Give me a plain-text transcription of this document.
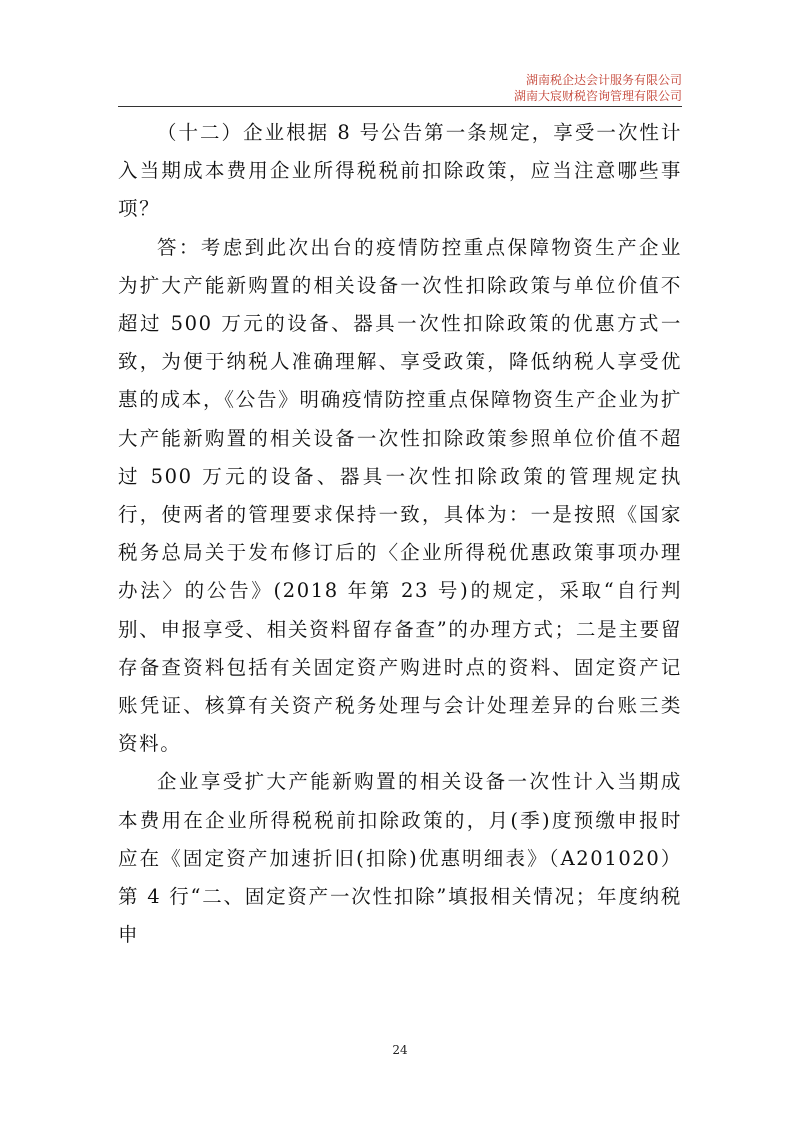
湖南税企达会计服务有限公司
湖南大宸财税咨询管理有限公司

（十二）企业根据 8 号公告第一条规定，享受一次性计入当期成本费用企业所得税税前扣除政策，应当注意哪些事项？

答：考虑到此次出台的疫情防控重点保障物资生产企业为扩大产能新购置的相关设备一次性扣除政策与单位价值不超过 500 万元的设备、器具一次性扣除政策的优惠方式一致，为便于纳税人准确理解、享受政策，降低纳税人享受优惠的成本，《公告》明确疫情防控重点保障物资生产企业为扩大产能新购置的相关设备一次性扣除政策参照单位价值不超过 500 万元的设备、器具一次性扣除政策的管理规定执行，使两者的管理要求保持一致，具体为：一是按照《国家税务总局关于发布修订后的〈企业所得税优惠政策事项办理办法〉的公告》(2018 年第 23 号)的规定，采取“自行判别、申报享受、相关资料留存备查”的办理方式；二是主要留存备查资料包括有关固定资产购进时点的资料、固定资产记账凭证、核算有关资产税务处理与会计处理差异的台账三类资料。

企业享受扩大产能新购置的相关设备一次性计入当期成本费用在企业所得税税前扣除政策的，月(季)度预缴申报时应在《固定资产加速折旧(扣除)优惠明细表》（A201020）第 4 行“二、固定资产一次性扣除”填报相关情况；年度纳税申

24
